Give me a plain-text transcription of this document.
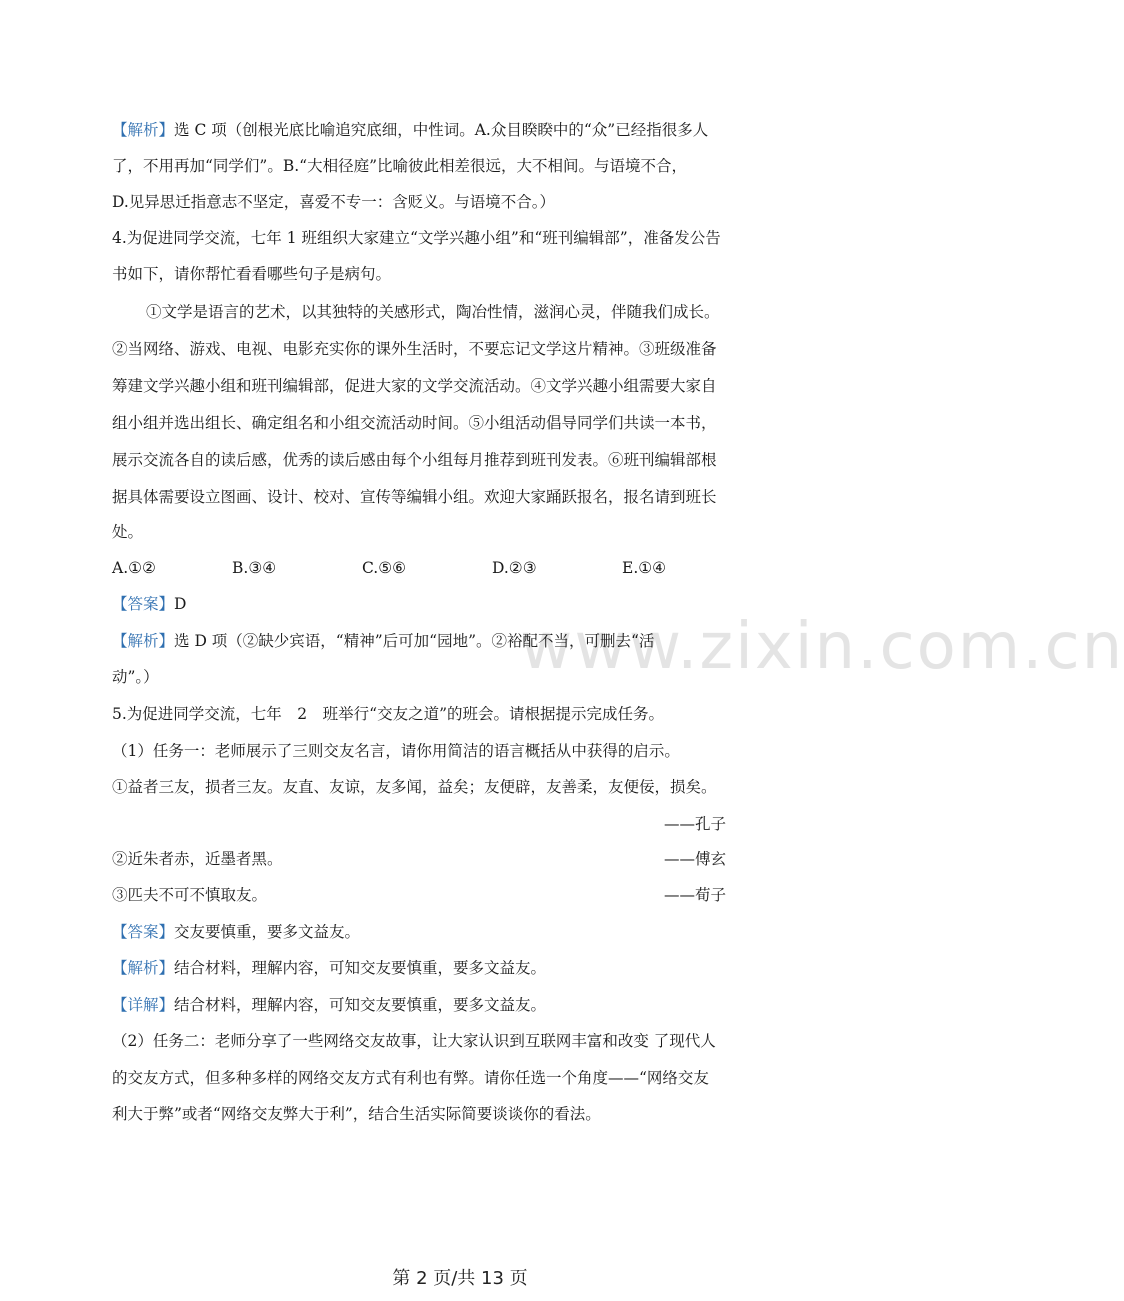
www.zixin.com.cn
【解析】选 C 项（创根光底比喻追究底细，中性词。A.众目睽睽中的“众”已经指很多人
了，不用再加“同学们”。B.“大相径庭”比喻彼此相差很远，大不相间。与语境不合，
D.见异思迁指意志不坚定，喜爱不专一：含贬义。与语境不合。）
4.为促进同学交流，七年 1 班组织大家建立“文学兴趣小组”和“班刊编辑部”，准备发公告
书如下，请你帮忙看看哪些句子是病句。
①文学是语言的艺术，以其独特的关感形式，陶冶性情，滋润心灵，伴随我们成长。
②当网络、游戏、电视、电影充实你的课外生活时，不要忘记文学这片精神。③班级准备
筹建文学兴趣小组和班刊编辑部，促进大家的文学交流活动。④文学兴趣小组需要大家自
组小组并选出组长、确定组名和小组交流活动时间。⑤小组活动倡导同学们共读一本书，
展示交流各自的读后感，优秀的读后感由每个小组每月推荐到班刊发表。⑥班刊编辑部根
据具体需要设立图画、设计、校对、宣传等编辑小组。欢迎大家踊跃报名，报名请到班长
处。
A.①②	B.③④	C.⑤⑥	D.②③	E.①④
【答案】D
【解析】选 D 项（②缺少宾语，“精神”后可加“园地”。②裕配不当，可删去“活
动”。）
5.为促进同学交流，七年　2　班举行“交友之道”的班会。请根据提示完成任务。
（1）任务一：老师展示了三则交友名言，请你用简洁的语言概括从中获得的启示。
①益者三友，损者三友。友直、友谅，友多闻，益矣；友便辟，友善柔，友便佞，损矣。
——孔子
②近朱者赤，近墨者黑。	——傅玄
③匹夫不可不慎取友。	——荀子
【答案】交友要慎重，要多文益友。
【解析】结合材料，理解内容，可知交友要慎重，要多文益友。
【详解】结合材料，理解内容，可知交友要慎重，要多文益友。
（2）任务二：老师分享了一些网络交友故事，让大家认识到互联网丰富和改变 了现代人
的交友方式，但多种多样的网络交友方式有利也有弊。请你任选一个角度——“网络交友
利大于弊”或者“网络交友弊大于利”，结合生活实际简要谈谈你的看法。
第 2 页/共 13 页
